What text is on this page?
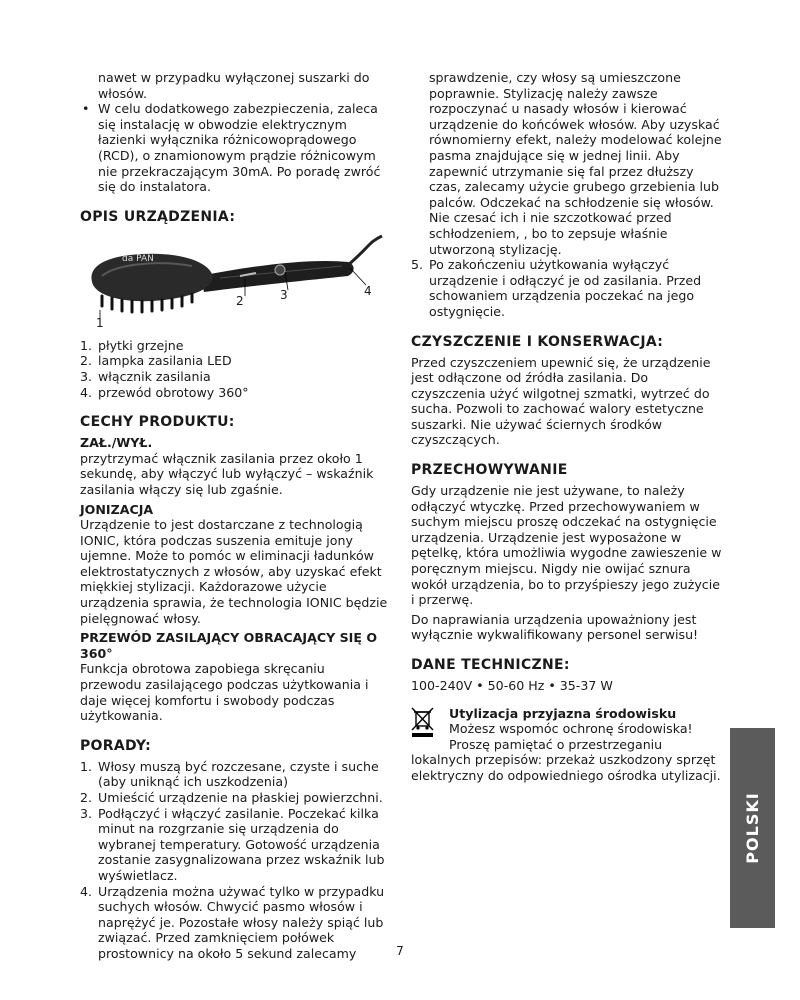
nawet w przypadku wyłączonej suszarki do włosów.

• W celu dodatkowego zabezpieczenia, zaleca się instalację w obwodzie elektrycznym łazienki wyłącznika różnicowoprądowego (RCD), o znamionowym prądzie różnicowym nie przekraczającym 30mA. Po poradę zwróć się do instalatora.
OPIS URZĄDZENIA:
da PAN
1
2	3	4
1. płytki grzejne
2. lampka zasilania LED
3. włącznik zasilania
4. przewód obrotowy 360°
CECHY PRODUKTU:
ZAŁ./WYŁ.

przytrzymać włącznik zasilania przez około 1 sekundę, aby włączyć lub wyłączyć – wskaźnik zasilania włączy się lub zgaśnie.

JONIZACJA

Urządzenie to jest dostarczane z technologią IONIC, która podczas suszenia emituje jony ujemne. Może to pomóc w eliminacji ładunków elektrostatycznych z włosów, aby uzyskać efekt miękkiej stylizacji. Każdorazowe użycie urządzenia sprawia, że technologia IONIC będzie pielęgnować włosy.

PRZEWÓD ZASILAJĄCY OBRACAJĄCY SIĘ O 360°

Funkcja obrotowa zapobiega skręcaniu przewodu zasilającego podczas użytkowania i daje więcej komfortu i swobody podczas użytkowania.

PORADY:
1. Włosy muszą być rozczesane, czyste i suche (aby uniknąć ich uszkodzenia)
2. Umieścić urządzenie na płaskiej powierzchni.
3. Podłączyć i włączyć zasilanie. Poczekać kilka minut na rozgrzanie się urządzenia do wybranej temperatury. Gotowość urządzenia zostanie zasygnalizowana przez wskaźnik lub wyświetlacz.
4. Urządzenia można używać tylko w przypadku suchych włosów. Chwycić pasmo włosów i naprężyć je. Pozostałe włosy należy spiąć lub związać. Przed zamknięciem połówek prostownicy na około 5 sekund zalecamy

sprawdzenie, czy włosy są umieszczone poprawnie. Stylizację należy zawsze rozpoczynać u nasady włosów i kierować urządzenie do końcówek włosów. Aby uzyskać równomierny efekt, należy modelować kolejne pasma znajdujące się w jednej linii. Aby zapewnić utrzymanie się fal przez dłuższy czas, zalecamy użycie grubego grzebienia lub palców. Odczekać na schłodzenie się włosów. Nie czesać ich i nie szczotkować przed schłodzeniem, , bo to zepsuje właśnie utworzoną stylizację.

5. Po zakończeniu użytkowania wyłączyć urządzenie i odłączyć je od zasilania. Przed schowaniem urządzenia poczekać na jego ostygnięcie.
CZYSZCZENIE I KONSERWACJA:

Przed czyszczeniem upewnić się, że urządzenie jest odłączone od źródła zasilania. Do czyszczenia użyć wilgotnej szmatki, wytrzeć do sucha. Pozwoli to zachować walory estetyczne suszarki. Nie używać ściernych środków czyszczących.

PRZECHOWYWANIE

Gdy urządzenie nie jest używane, to należy odłączyć wtyczkę. Przed przechowywaniem w suchym miejscu proszę odczekać na ostygnięcie urządzenia. Urządzenie jest wyposażone w pętelkę, która umożliwia wygodne zawieszenie w poręcznym miejscu. Nigdy nie owijać sznura wokół urządzenia, bo to przyśpieszy jego zużycie i przerwę.

Do naprawiania urządzenia upoważniony jest wyłącznie wykwalifikowany personel serwisu!

DANE TECHNICZNE:

100-240V • 50-60 Hz • 35-37 W

Utylizacja przyjazna środowisku

Możesz wspomóc ochronę środowiska!

Proszę pamiętać o przestrzeganiu

lokalnych przepisów: przekaż uszkodzony sprzęt elektryczny do odpowiedniego ośrodka utylizacji.

POLSKI
7
